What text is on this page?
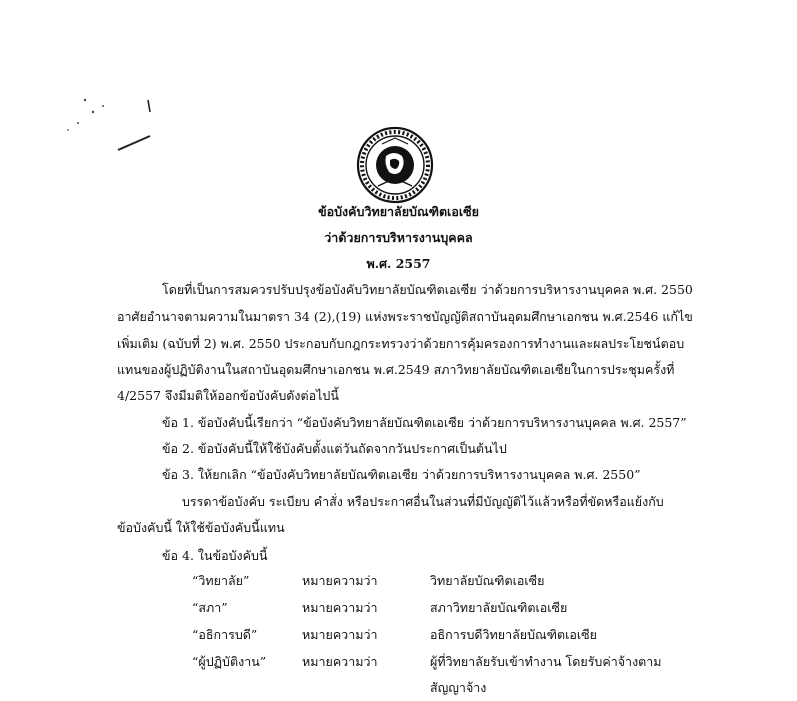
ข้อบังคับวิทยาลัยบัณฑิตเอเซีย
ว่าด้วยการบริหารงานบุคคล
พ.ศ. 2557
โดยที่เป็นการสมควรปรับปรุงข้อบังคับวิทยาลัยบัณฑิตเอเซีย ว่าด้วยการบริหารงานบุคคล พ.ศ. 2550
อาศัยอำนาจตามความในมาตรา 34 (2),(19) แห่งพระราชบัญญัติสถาบันอุดมศึกษาเอกชน พ.ศ.2546 แก้ไข
เพิ่มเติม (ฉบับที่ 2) พ.ศ. 2550 ประกอบกับกฎกระทรวงว่าด้วยการคุ้มครองการทำงานและผลประโยชน์ตอบ
แทนของผู้ปฏิบัติงานในสถาบันอุดมศึกษาเอกชน พ.ศ.2549 สภาวิทยาลัยบัณฑิตเอเซียในการประชุมครั้งที่
4/2557 จึงมีมติให้ออกข้อบังคับดังต่อไปนี้
ข้อ 1. ข้อบังคับนี้เรียกว่า “ข้อบังคับวิทยาลัยบัณฑิตเอเซีย ว่าด้วยการบริหารงานบุคคล พ.ศ. 2557”
ข้อ 2. ข้อบังคับนี้ให้ใช้บังคับตั้งแต่วันถัดจากวันประกาศเป็นต้นไป
ข้อ 3. ให้ยกเลิก “ข้อบังคับวิทยาลัยบัณฑิตเอเซีย ว่าด้วยการบริหารงานบุคคล พ.ศ. 2550”
บรรดาข้อบังคับ ระเบียบ คำสั่ง หรือประกาศอื่นในส่วนที่มีบัญญัติไว้แล้วหรือที่ขัดหรือแย้งกับ
ข้อบังคับนี้ ให้ใช้ข้อบังคับนี้แทน
ข้อ 4. ในข้อบังคับนี้
“วิทยาลัย”	หมายความว่า	วิทยาลัยบัณฑิตเอเซีย
“สภา”	หมายความว่า	สภาวิทยาลัยบัณฑิตเอเซีย
“อธิการบดี”	หมายความว่า	อธิการบดีวิทยาลัยบัณฑิตเอเซีย
“ผู้ปฏิบัติงาน”	หมายความว่า	ผู้ที่วิทยาลัยรับเข้าทำงาน โดยรับค่าจ้างตาม
สัญญาจ้าง
